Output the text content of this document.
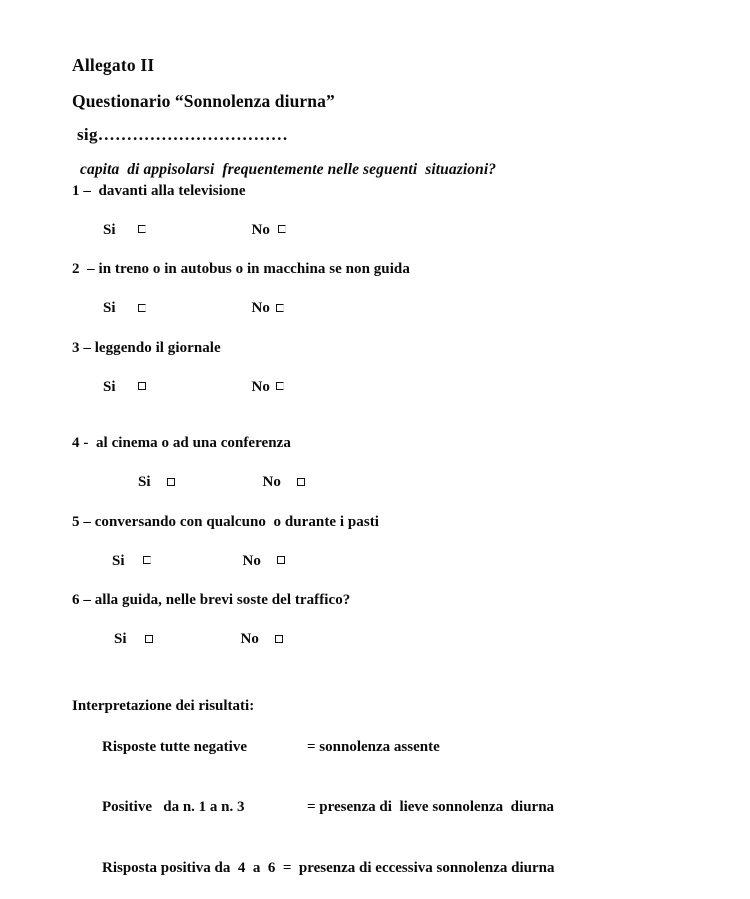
Allegato II
Questionario “Sonnolenza diurna”
sig……………………………
capita  di appisolarsi  frequentemente nelle seguenti  situazioni?
1 –  davanti alla televisione

Si	No

2  – in treno o in autobus o in macchina se non guida

Si	No

3 – leggendo il giornale

Si	No

4 -  al cinema o ad una conferenza

Si	No

5 – conversando con qualcuno  o durante i pasti

Si	No

6 – alla guida, nelle brevi soste del traffico?

Si	No

Interpretazione dei risultati:

Risposte tutte negative	= sonnolenza assente

Positive   da n. 1 a n. 3	= presenza di  lieve sonnolenza  diurna

Risposta positiva da  4  a  6  =  presenza di eccessiva sonnolenza diurna
